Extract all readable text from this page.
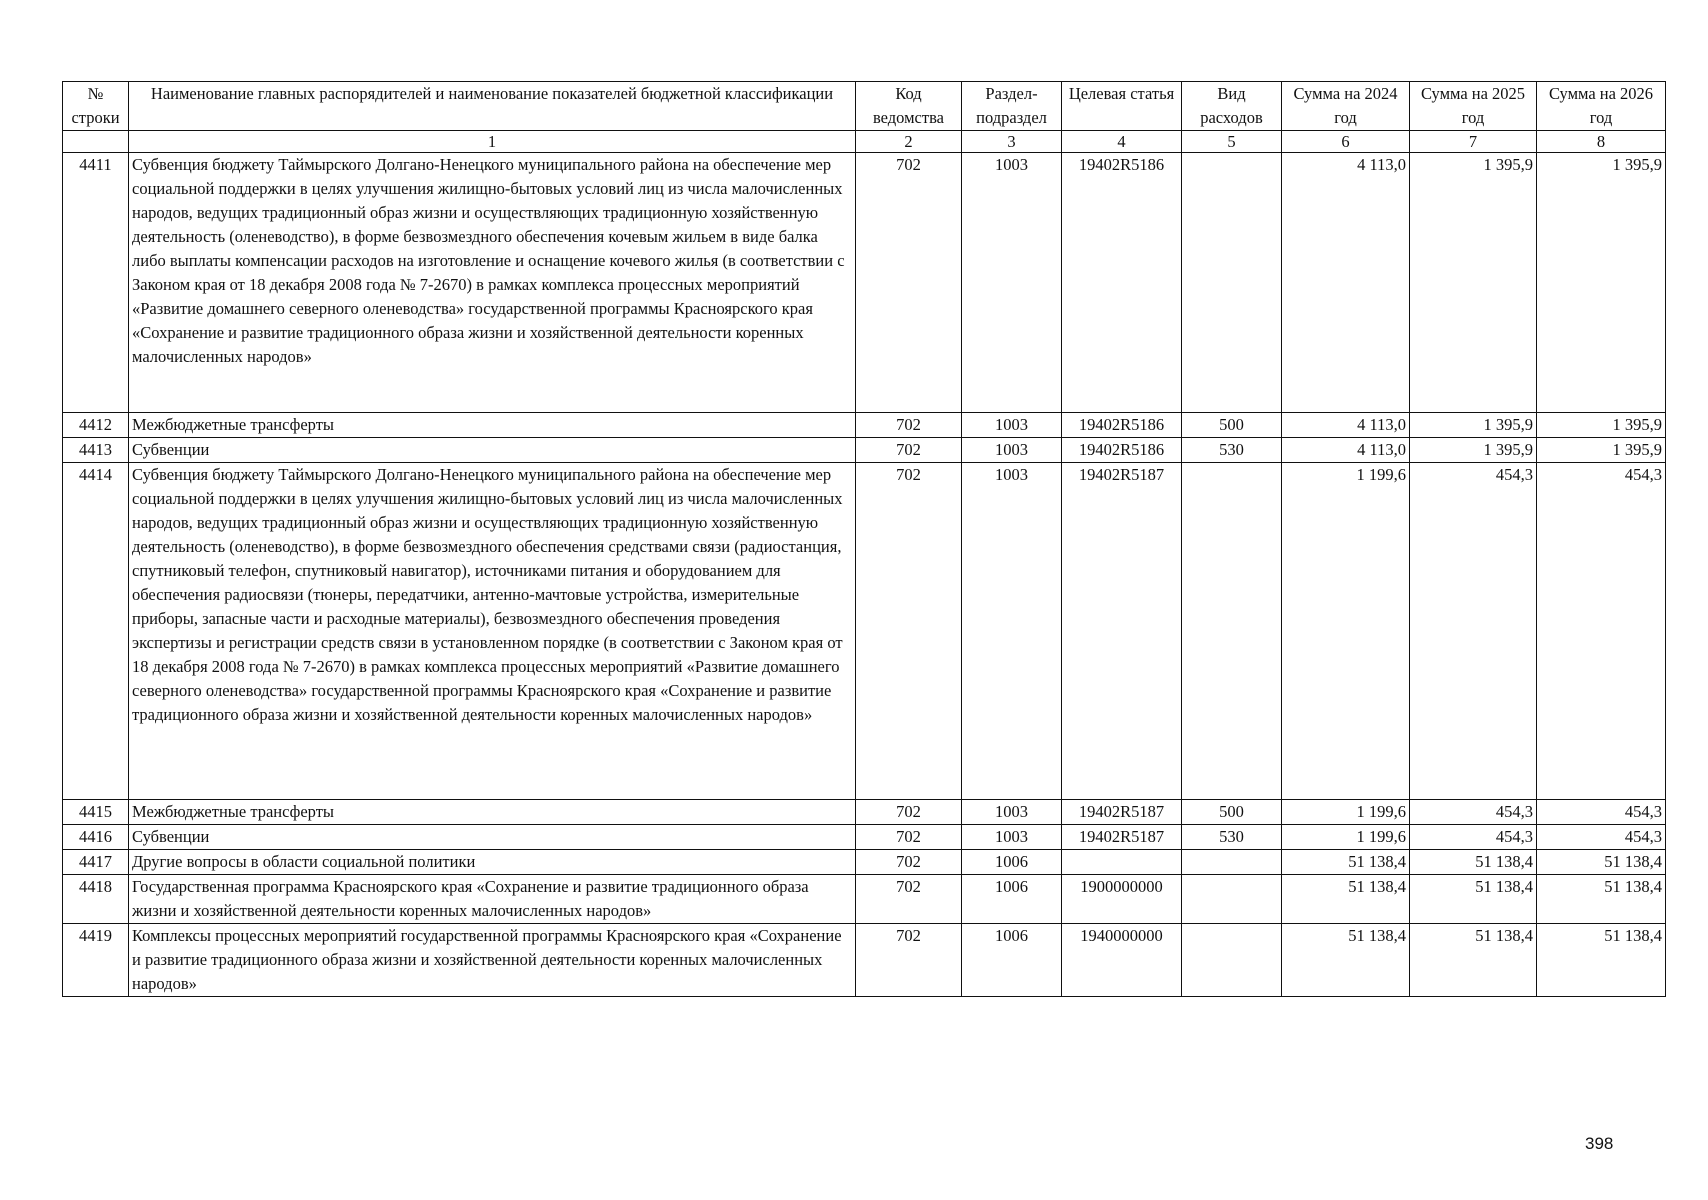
№ строки	Наименование главных распорядителей и наименование показателей бюджетной классификации	Код ведомства	Раздел-подраздел	Целевая статья	Вид расходов	Сумма на 2024 год	Сумма на 2025 год	Сумма на 2026 год
	1	2	3	4	5	6	7	8
4411	Субвенция бюджету Таймырского Долгано-Ненецкого муниципального района на обеспечение мер социальной поддержки в целях улучшения жилищно-бытовых условий лиц из числа малочисленных народов, ведущих традиционный образ жизни и осуществляющих традиционную хозяйственную деятельность (оленеводство), в форме безвозмездного обеспечения кочевым жильем в виде балка либо выплаты компенсации расходов на изготовление и оснащение кочевого жилья (в соответствии с Законом края от 18 декабря 2008 года № 7-2670) в рамках комплекса процессных мероприятий «Развитие домашнего северного оленеводства» государственной программы Красноярского края «Сохранение и развитие традиционного образа жизни и хозяйственной деятельности коренных малочисленных народов»	702	1003	19402R5186		4 113,0	1 395,9	1 395,9
4412	Межбюджетные трансферты	702	1003	19402R5186	500	4 113,0	1 395,9	1 395,9
4413	Субвенции	702	1003	19402R5186	530	4 113,0	1 395,9	1 395,9
4414	Субвенция бюджету Таймырского Долгано-Ненецкого муниципального района на обеспечение мер социальной поддержки в целях улучшения жилищно-бытовых условий лиц из числа малочисленных народов, ведущих традиционный образ жизни и осуществляющих традиционную хозяйственную деятельность (оленеводство), в форме безвозмездного обеспечения средствами связи (радиостанция, спутниковый телефон, спутниковый навигатор), источниками питания и оборудованием для обеспечения радиосвязи (тюнеры, передатчики, антенно-мачтовые устройства, измерительные приборы, запасные части и расходные материалы), безвозмездного обеспечения проведения экспертизы и регистрации средств связи в установленном порядке (в соответствии с Законом края от 18 декабря 2008 года № 7-2670) в рамках комплекса процессных мероприятий «Развитие домашнего северного оленеводства» государственной программы Красноярского края «Сохранение и развитие традиционного образа жизни и хозяйственной деятельности коренных малочисленных народов»	702	1003	19402R5187		1 199,6	454,3	454,3
4415	Межбюджетные трансферты	702	1003	19402R5187	500	1 199,6	454,3	454,3
4416	Субвенции	702	1003	19402R5187	530	1 199,6	454,3	454,3
4417	Другие вопросы в области социальной политики	702	1006			51 138,4	51 138,4	51 138,4
4418	Государственная программа Красноярского края «Сохранение и развитие традиционного образа жизни и хозяйственной деятельности коренных малочисленных народов»	702	1006	1900000000		51 138,4	51 138,4	51 138,4
4419	Комплексы процессных мероприятий государственной программы Красноярского края «Сохранение и развитие традиционного образа жизни и хозяйственной деятельности коренных малочисленных народов»	702	1006	1940000000		51 138,4	51 138,4	51 138,4
398
